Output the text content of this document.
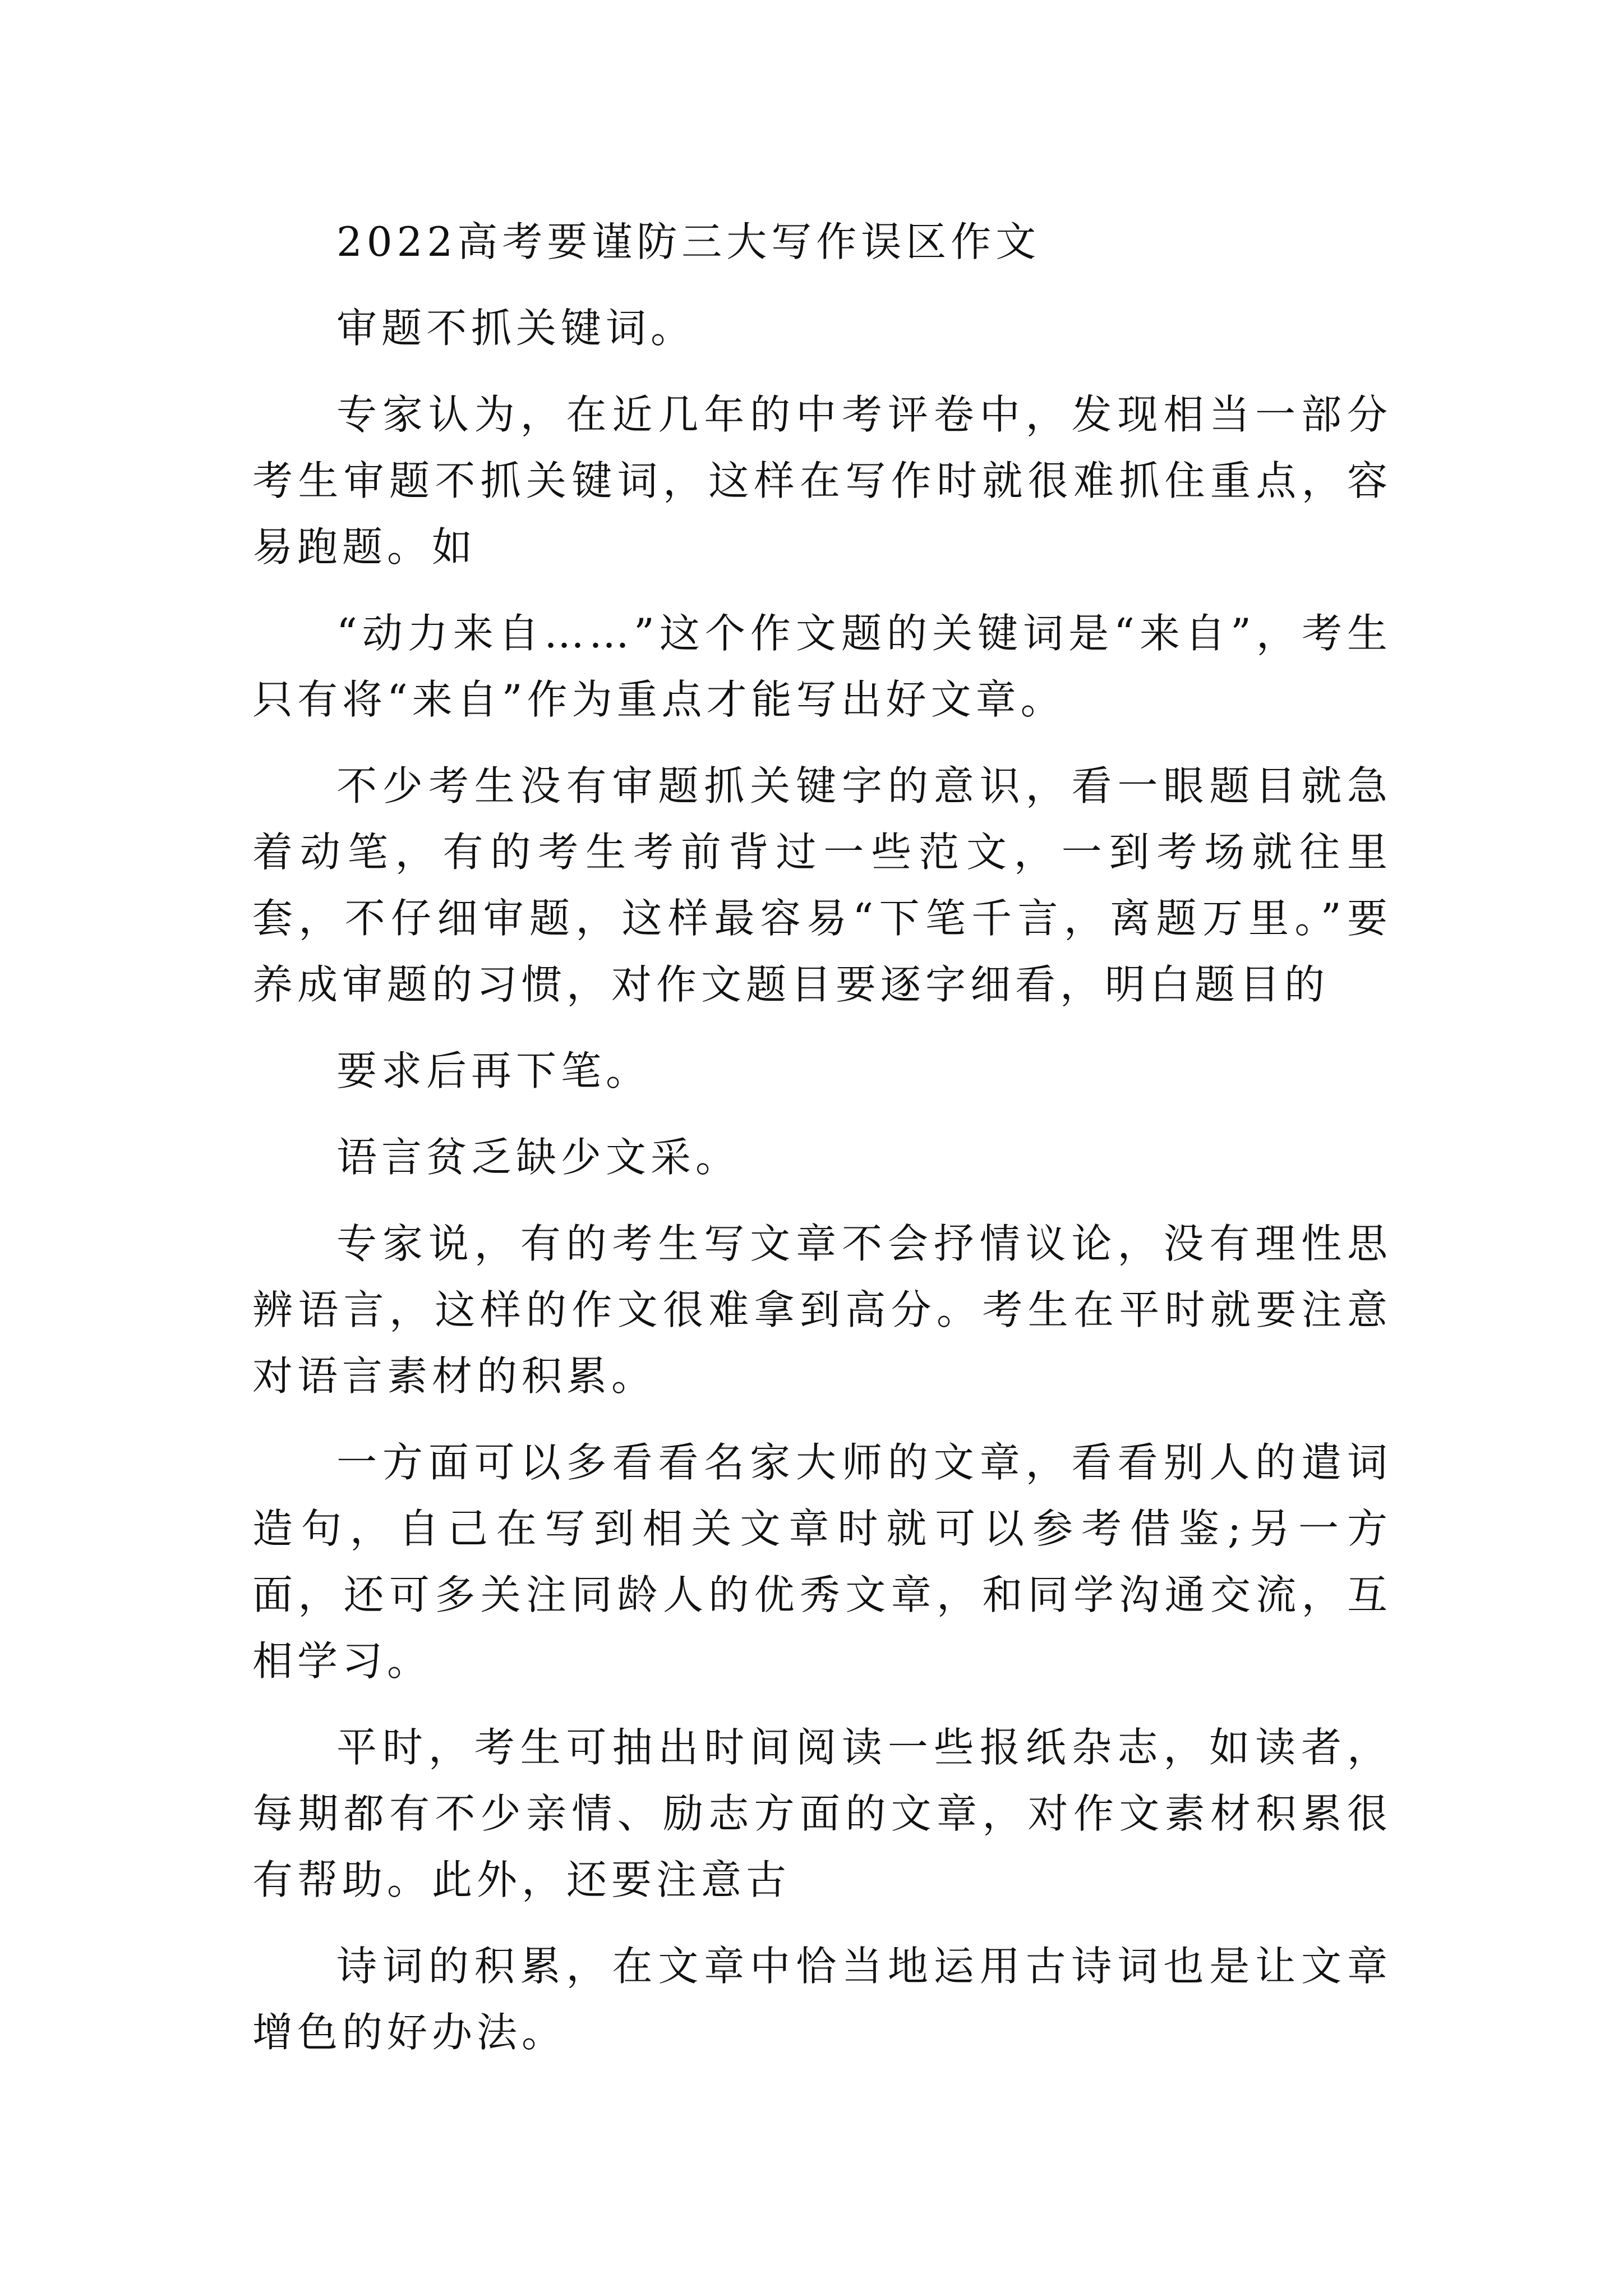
2022高考要谨防三大写作误区作文

审题不抓关键词。

专家认为，在近几年的中考评卷中，发现相当一部分考生审题不抓关键词，这样在写作时就很难抓住重点，容易跑题。如

“动力来自……”这个作文题的关键词是“来自”，考生只有将“来自”作为重点才能写出好文章。

不少考生没有审题抓关键字的意识，看一眼题目就急着动笔，有的考生考前背过一些范文，一到考场就往里套，不仔细审题，这样最容易“下笔千言，离题万里。”要养成审题的习惯，对作文题目要逐字细看，明白题目的

要求后再下笔。

语言贫乏缺少文采。

专家说，有的考生写文章不会抒情议论，没有理性思辨语言，这样的作文很难拿到高分。考生在平时就要注意对语言素材的积累。

一方面可以多看看名家大师的文章，看看别人的遣词造句，自己在写到相关文章时就可以参考借鉴;另一方面，还可多关注同龄人的优秀文章，和同学沟通交流，互相学习。

平时，考生可抽出时间阅读一些报纸杂志，如读者，每期都有不少亲情、励志方面的文章，对作文素材积累很有帮助。此外，还要注意古

诗词的积累，在文章中恰当地运用古诗词也是让文章增色的好办法。
